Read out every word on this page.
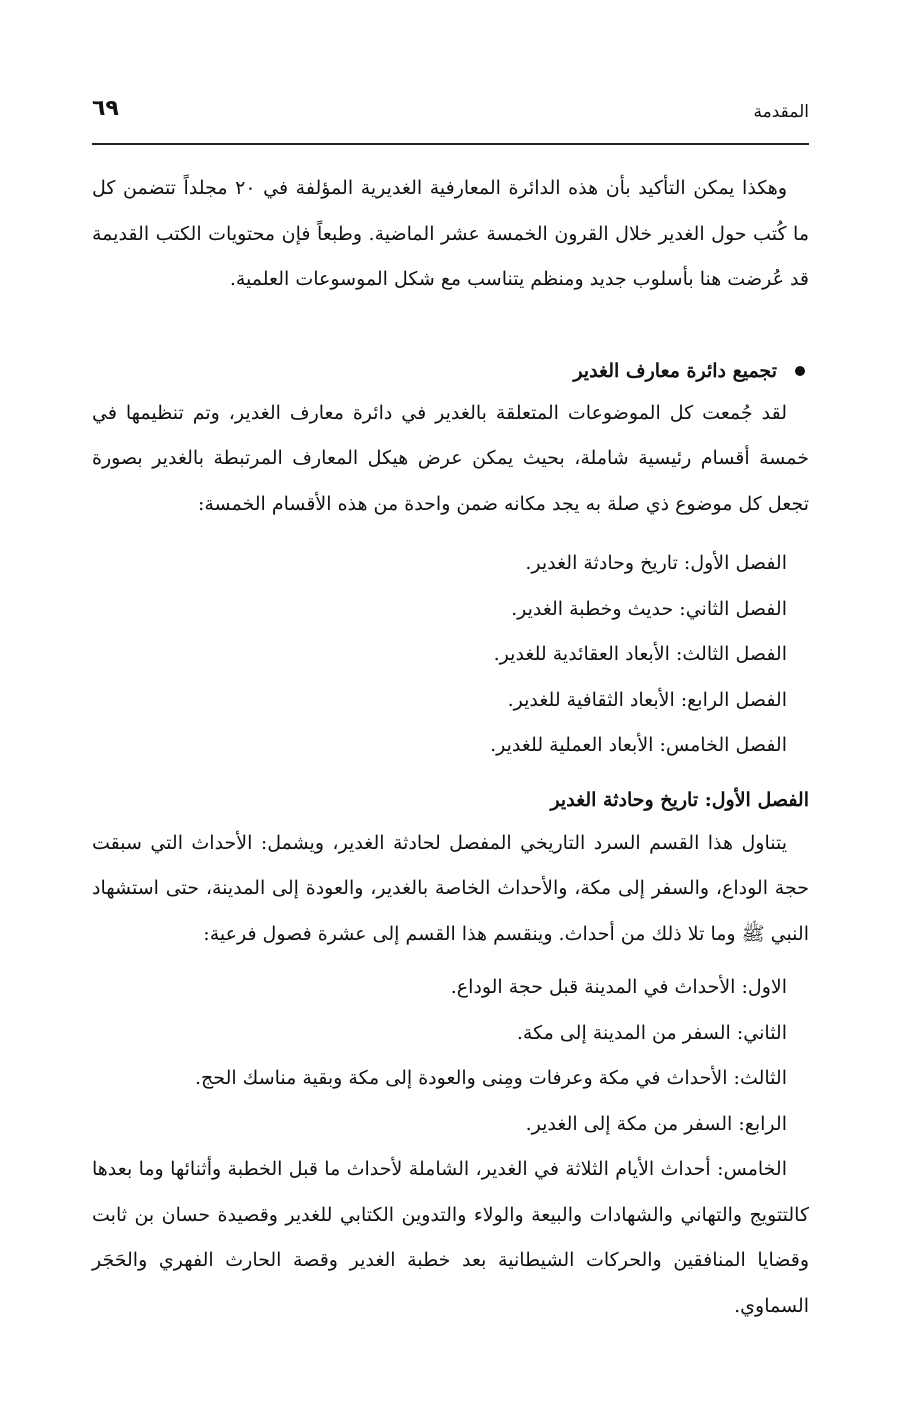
المقدمة
٦٩

وهكذا يمكن التأكيد بأن هذه الدائرة المعارفية الغديرية المؤلفة في ٢٠ مجلداً تتضمن كل ما كُتب حول الغدير خلال القرون الخمسة عشر الماضية. وطبعاً فإن محتويات الكتب القديمة قد عُرضت هنا بأسلوب جديد ومنظم يتناسب مع شكل الموسوعات العلمية.

تجميع دائرة معارف الغدير

لقد جُمعت كل الموضوعات المتعلقة بالغدير في دائرة معارف الغدير، وتم تنظيمها في خمسة أقسام رئيسية شاملة، بحيث يمكن عرض هيكل المعارف المرتبطة بالغدير بصورة تجعل كل موضوع ذي صلة به يجد مكانه ضمن واحدة من هذه الأقسام الخمسة:

الفصل الأول: تاريخ وحادثة الغدير.
الفصل الثاني: حديث وخطبة الغدير.
الفصل الثالث: الأبعاد العقائدية للغدير.
الفصل الرابع: الأبعاد الثقافية للغدير.
الفصل الخامس: الأبعاد العملية للغدير.
الفصل الأول: تاريخ وحادثة الغدير

يتناول هذا القسم السرد التاريخي المفصل لحادثة الغدير، ويشمل: الأحداث التي سبقت حجة الوداع، والسفر إلى مكة، والأحداث الخاصة بالغدير، والعودة إلى المدينة، حتى استشهاد النبي ﷺ وما تلا ذلك من أحداث. وينقسم هذا القسم إلى عشرة فصول فرعية:

الاول: الأحداث في المدينة قبل حجة الوداع.
الثاني: السفر من المدينة إلى مكة.
الثالث: الأحداث في مكة وعرفات ومِنى والعودة إلى مكة وبقية مناسك الحج.
الرابع: السفر من مكة إلى الغدير.

الخامس: أحداث الأيام الثلاثة في الغدير، الشاملة لأحداث ما قبل الخطبة وأثنائها وما بعدها كالتتويج والتهاني والشهادات والبيعة والولاء والتدوين الكتابي للغدير وقصيدة حسان بن ثابت وقضايا المنافقين والحركات الشيطانية بعد خطبة الغدير وقصة الحارث الفهري والحَجَر السماوي.
